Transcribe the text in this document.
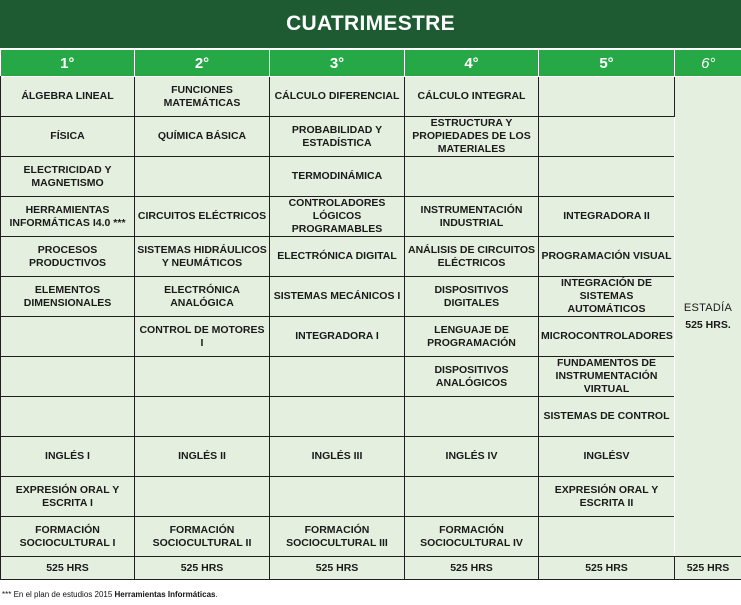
CUATRIMESTRE
1°	2°	3°	4°	5°	6°
ÁLGEBRA LINEAL	FUNCIONES MATEMÁTICAS	CÁLCULO DIFERENCIAL	CÁLCULO INTEGRAL		ESTADÍA
525 HRS.

FÍSICA	QUÍMICA BÁSICA	PROBABILIDAD Y ESTADÍSTICA	ESTRUCTURA Y PROPIEDADES DE LOS MATERIALES		
ELECTRICIDAD Y MAGNETISMO		TERMODINÁMICA			
HERRAMIENTAS INFORMÁTICAS I4.0 ***	CIRCUITOS ELÉCTRICOS	CONTROLADORES LÓGICOS PROGRAMABLES	INSTRUMENTACIÓN INDUSTRIAL	INTEGRADORA II	
PROCESOS PRODUCTIVOS	SISTEMAS HIDRÁULICOS Y NEUMÁTICOS	ELECTRÓNICA DIGITAL	ANÁLISIS DE CIRCUITOS ELÉCTRICOS	PROGRAMACIÓN VISUAL	
ELEMENTOS DIMENSIONALES	ELECTRÓNICA ANALÓGICA	SISTEMAS MECÁNICOS I	DISPOSITIVOS DIGITALES	INTEGRACIÓN DE SISTEMAS AUTOMÁTICOS	
	CONTROL DE MOTORES I	INTEGRADORA I	LENGUAJE DE PROGRAMACIÓN	MICROCONTROLADORES	
			DISPOSITIVOS ANALÓGICOS	FUNDAMENTOS DE INSTRUMENTACIÓN VIRTUAL	
				SISTEMAS DE CONTROL	
INGLÉS I	INGLÉS II	INGLÉS III	INGLÉS IV	INGLÉSV	
EXPRESIÓN ORAL Y ESCRITA I				EXPRESIÓN ORAL Y ESCRITA II	
FORMACIÓN SOCIOCULTURAL I	FORMACIÓN SOCIOCULTURAL II	FORMACIÓN SOCIOCULTURAL III	FORMACIÓN SOCIOCULTURAL IV		
525 HRS	525 HRS	525 HRS	525 HRS	525 HRS	525 HRS
*** En el plan de estudios 2015 Herramientas Informáticas.
